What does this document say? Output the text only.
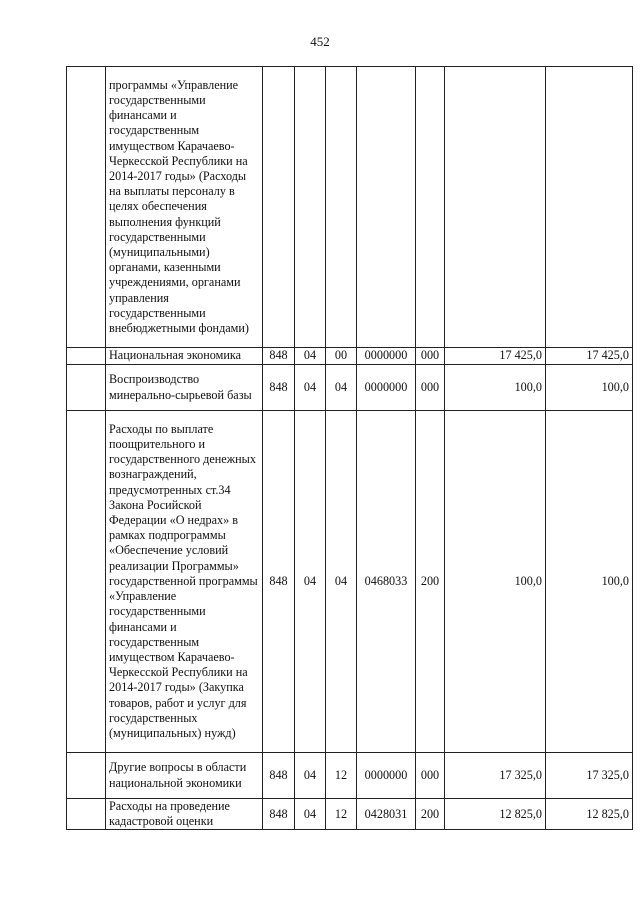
452
	программы «Управление государственными финансами и государственным имуществом Карачаево-Черкесской Республики на 2014-2017 годы» (Расходы на выплаты персоналу в целях обеспечения выполнения функций государственными (муниципальными) органами, казенными учреждениями, органами управления государственными внебюджетными фондами)							
	Национальная экономика	848	04	00	0000000	000	17 425,0	17 425,0
	Воспроизводство минерально-сырьевой базы	848	04	04	0000000	000	100,0	100,0
	Расходы по выплате поощрительного и государственного денежных вознаграждений, предусмотренных ст.34 Закона Росийской Федерации «О недрах» в рамках подпрограммы «Обеспечение условий реализации Программы» государственной программы «Управление государственными финансами и государственным имуществом Карачаево-Черкесской Республики на 2014-2017 годы» (Закупка товаров, работ и услуг для государственных (муниципальных) нужд)	848	04	04	0468033	200	100,0	100,0
	Другие вопросы в области национальной экономики	848	04	12	0000000	000	17 325,0	17 325,0
	Расходы на проведение кадастровой оценки	848	04	12	0428031	200	12 825,0	12 825,0
